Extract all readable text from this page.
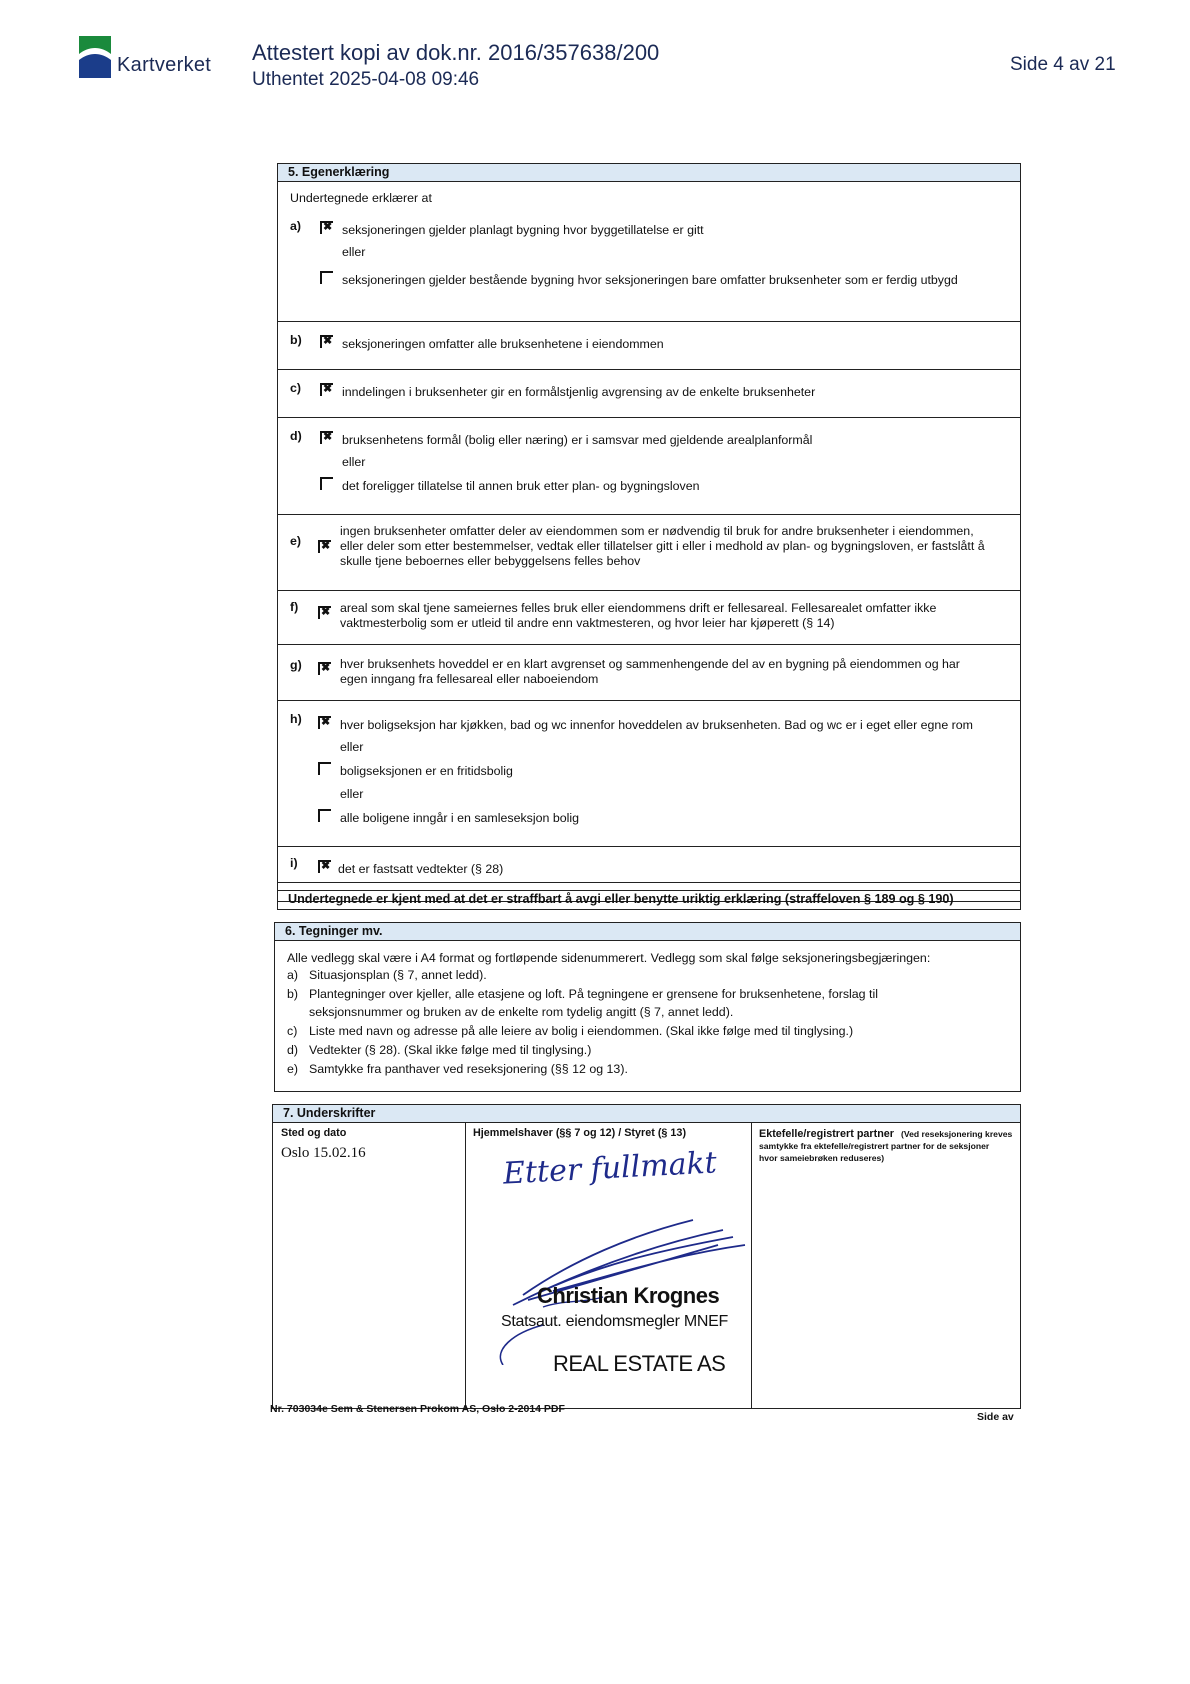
Kartverket Attestert kopi av dok.nr. 2016/357638/200
Uthentet 2025-04-08 09:46
Side 4 av 21
5. Egenerklæring
Undertegnede erklærer at
a) ✖	seksjoneringen gjelder planlagt bygning hvor byggetillatelse er gitt
eller
seksjoneringen gjelder bestående bygning hvor seksjoneringen bare omfatter bruksenheter som er ferdig utbygd
b) ✖	seksjoneringen omfatter alle bruksenhetene i eiendommen
c) ✖	inndelingen i bruksenheter gir en formålstjenlig avgrensing av de enkelte bruksenheter
d) ✖	bruksenhetens formål (bolig eller næring) er i samsvar med gjeldende arealplanformål
eller
det foreligger tillatelse til annen bruk etter plan- og bygningsloven
e)
✖
ingen bruksenheter omfatter deler av eiendommen som er nødvendig til bruk for andre bruksenheter i eiendommen,
eller deler som etter bestemmelser, vedtak eller tillatelser gitt i eller i medhold av plan- og bygningsloven, er fastslått å
skulle tjene beboernes eller bebyggelsens felles behov
f) ✖	areal som skal tjene sameiernes felles bruk eller eiendommens drift er fellesareal. Fellesarealet omfatter ikke
vaktmesterbolig som er utleid til andre enn vaktmesteren, og hvor leier har kjøperett (§ 14)
g) ✖	hver bruksenhets hoveddel er en klart avgrenset og sammenhengende del av en bygning på eiendommen og har
egen inngang fra fellesareal eller naboeiendom
h) ✖	hver boligseksjon har kjøkken, bad og wc innenfor hoveddelen av bruksenheten. Bad og wc er i eget eller egne rom
eller
boligseksjonen er en fritidsbolig
eller
alle boligene inngår i en samleseksjon bolig
i) ✖	det er fastsatt vedtekter (§ 28)
Undertegnede er kjent med at det er straffbart å avgi eller benytte uriktig erklæring (straffeloven § 189 og § 190)
6. Tegninger mv.
Alle vedlegg skal være i A4 format og fortløpende sidenummerert. Vedlegg som skal følge seksjoneringsbegjæringen:
a) Situasjonsplan (§ 7, annet ledd).
b) Plantegninger over kjeller, alle etasjene og loft. På tegningene er grensene for bruksenhetene, forslag til
seksjonsnummer og bruken av de enkelte rom tydelig angitt (§ 7, annet ledd).
c) Liste med navn og adresse på alle leiere av bolig i eiendommen. (Skal ikke følge med til tinglysing.)
d) Vedtekter (§ 28). (Skal ikke følge med til tinglysing.)
e) Samtykke fra panthaver ved reseksjonering (§§ 12 og 13).
7. Underskrifter
Sted og dato
Oslo 15.02.16
Hjemmelshaver (§§ 7 og 12) / Styret (§ 13)
Etter fullmakt
Christian Krognes
Statsaut. eiendomsmegler MNEF
REAL ESTATE AS
Ektefelle/registrert partner (Ved reseksjonering kreves
samtykke fra ektefelle/registrert partner for de seksjoner
hvor sameiebrøken reduseres)
Nr. 703034e Sem & Stenersen Prokom AS, Oslo 2-2014 PDF
Side av
